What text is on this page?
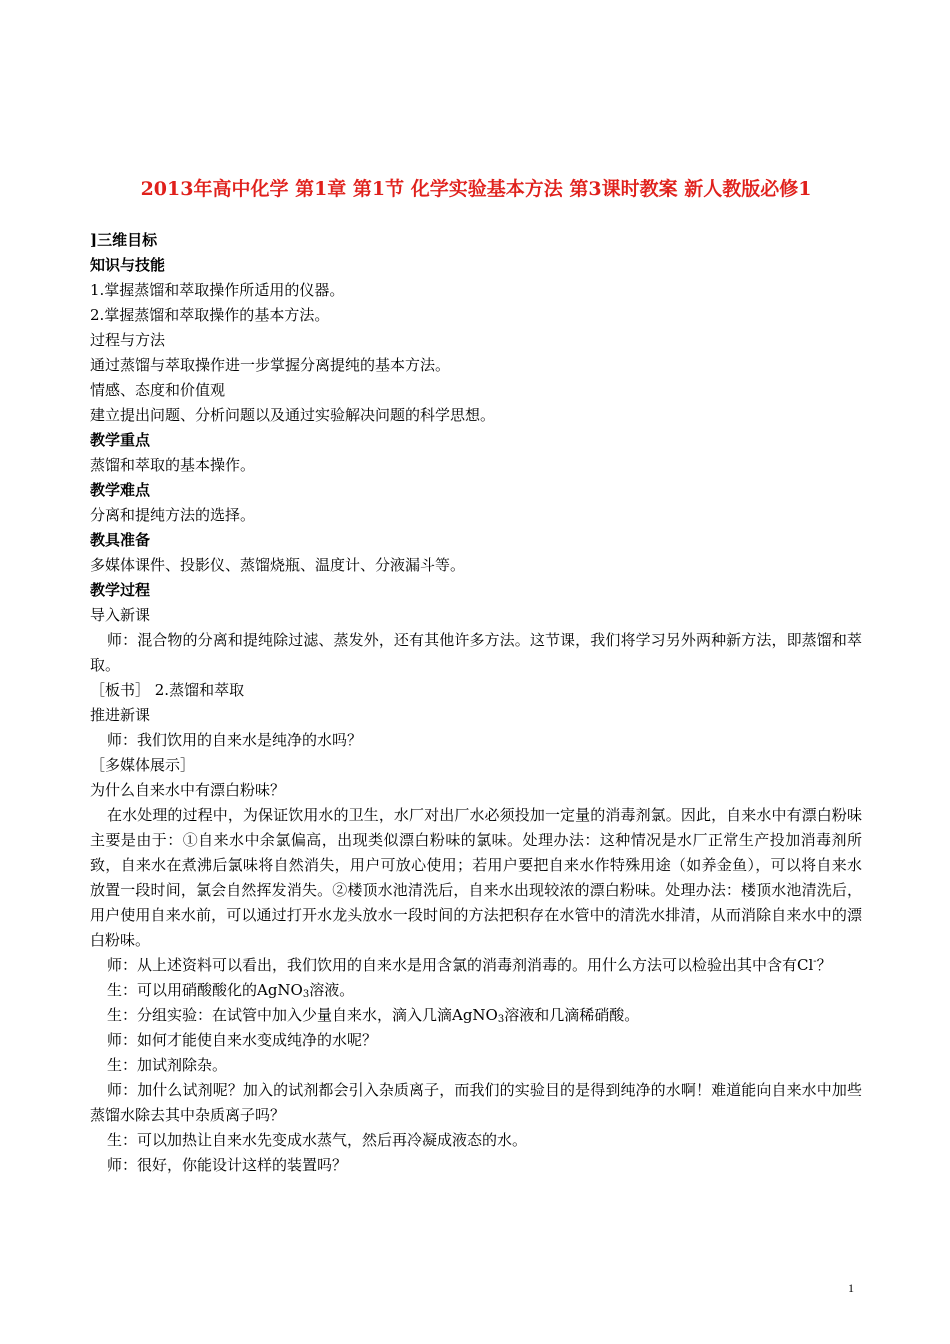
2013年高中化学 第1章 第1节 化学实验基本方法 第3课时教案 新人教版必修1

]三维目标

知识与技能

1.掌握蒸馏和萃取操作所适用的仪器。

2.掌握蒸馏和萃取操作的基本方法。

过程与方法

通过蒸馏与萃取操作进一步掌握分离提纯的基本方法。

情感、态度和价值观

建立提出问题、分析问题以及通过实验解决问题的科学思想。

教学重点

蒸馏和萃取的基本操作。

教学难点

分离和提纯方法的选择。

教具准备

多媒体课件、投影仪、蒸馏烧瓶、温度计、分液漏斗等。

教学过程

导入新课

师：混合物的分离和提纯除过滤、蒸发外，还有其他许多方法。这节课，我们将学习另外两种新方法，即蒸馏和萃取。

［板书］ 2.蒸馏和萃取

推进新课

师：我们饮用的自来水是纯净的水吗？

［多媒体展示］

为什么自来水中有漂白粉味？

在水处理的过程中，为保证饮用水的卫生，水厂对出厂水必须投加一定量的消毒剂氯。因此，自来水中有漂白粉味主要是由于：①自来水中余氯偏高，出现类似漂白粉味的氯味。处理办法：这种情况是水厂正常生产投加消毒剂所致，自来水在煮沸后氯味将自然消失，用户可放心使用；若用户要把自来水作特殊用途（如养金鱼），可以将自来水放置一段时间，氯会自然挥发消失。②楼顶水池清洗后，自来水出现较浓的漂白粉味。处理办法：楼顶水池清洗后，用户使用自来水前，可以通过打开水龙头放水一段时间的方法把积存在水管中的清洗水排清，从而消除自来水中的漂白粉味。

师：从上述资料可以看出，我们饮用的自来水是用含氯的消毒剂消毒的。用什么方法可以检验出其中含有Cl-？

生：可以用硝酸酸化的AgNO$_3$溶液。

生：分组实验：在试管中加入少量自来水，滴入几滴AgNO$_3$溶液和几滴稀硝酸。

师：如何才能使自来水变成纯净的水呢？

生：加试剂除杂。

师：加什么试剂呢？加入的试剂都会引入杂质离子，而我们的实验目的是得到纯净的水啊！难道能向自来水中加些蒸馏水除去其中杂质离子吗？

生：可以加热让自来水先变成水蒸气，然后再冷凝成液态的水。

师：很好，你能设计这样的装置吗？

1
